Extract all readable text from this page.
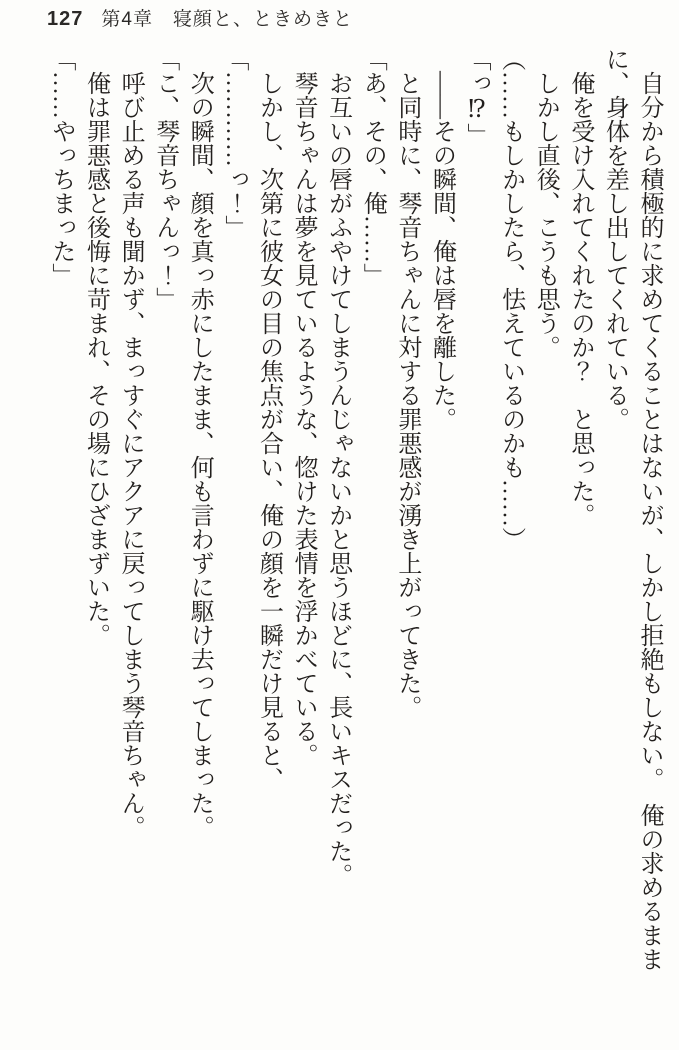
127 第4章　寝顔と、ときめきと

自分から積極的に求めてくることはないが、しかし拒絶もしない。　俺の求めるままに、身体を差し出してくれている。

俺を受け入れてくれたのか？　と思った。

しかし直後、こうも思う。

（……もしかしたら、怯えているのかも……）

「っ⁉」

――その瞬間、俺は唇を離した。

と同時に、琴音ちゃんに対する罪悪感が湧き上がってきた。

「あ、その、俺……」

お互いの唇がふやけてしまうんじゃないかと思うほどに、長いキスだった。

琴音ちゃんは夢を見ているような、惚けた表情を浮かべている。

しかし、次第に彼女の目の焦点が合い、俺の顔を一瞬だけ見ると、

「…………っ！」

次の瞬間、顔を真っ赤にしたまま、何も言わずに駆け去ってしまった。

「こ、琴音ちゃんっ！」

呼び止める声も聞かず、まっすぐにアクアに戻ってしまう琴音ちゃん。

俺は罪悪感と後悔に苛まれ、その場にひざまずいた。

「……やっちまった」
